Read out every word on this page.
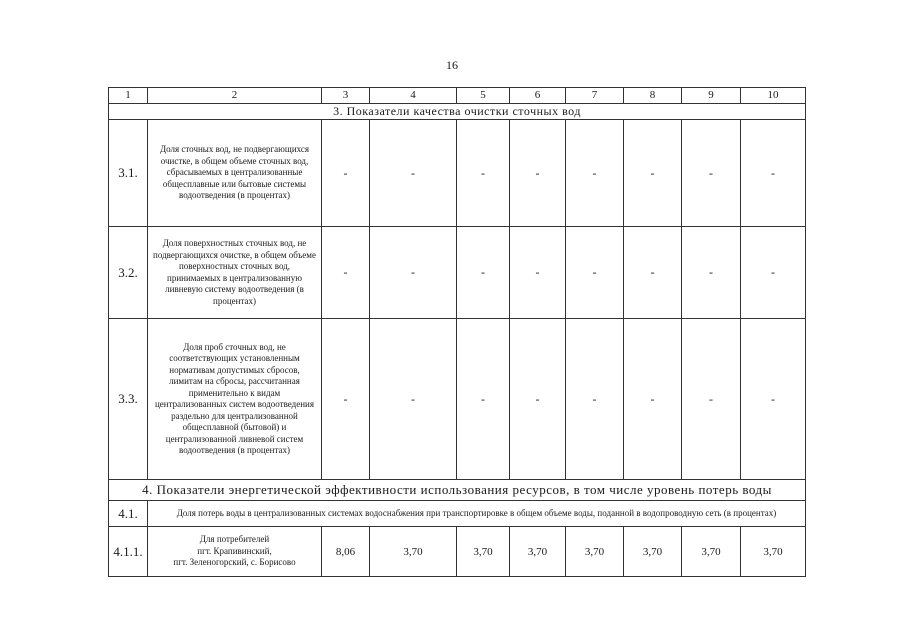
16
1	2	3	4	5	6	7	8	9	10
3. Показатели качества очистки сточных вод									
3.1.	Доля сточных вод, не подвергающихся очистке, в общем объеме сточных вод, сбрасываемых в централизованные общесплавные или бытовые системы водоотведения (в процентах)	-	-	-	-	-	-	-	-
3.2.	Доля поверхностных сточных вод, не подвергающихся очистке, в общем объеме поверхностных сточных вод, принимаемых в централизованную ливневую систему водоотведения (в процентах)	-	-	-	-	-	-	-	-
3.3.	Доля проб сточных вод, не соответствующих установленным нормативам допустимых сбросов, лимитам на сбросы, рассчитанная применительно к видам централизованных систем водоотведения раздельно для централизованной общесплавной (бытовой) и централизованной ливневой систем водоотведения (в процентах)	-	-	-	-	-	-	-	-
4. Показатели энергетической эффективности использования ресурсов, в том числе уровень потерь воды									
4.1.	Доля потерь воды в централизованных системах водоснабжения при транспортировке в общем объеме воды, поданной в водопроводную сеть (в процентах)								
4.1.1.	Для потребителей
пгт. Крапивинский,
пгт. Зеленогорский, с. Борисово	8,06	3,70	3,70	3,70	3,70	3,70	3,70	3,70
